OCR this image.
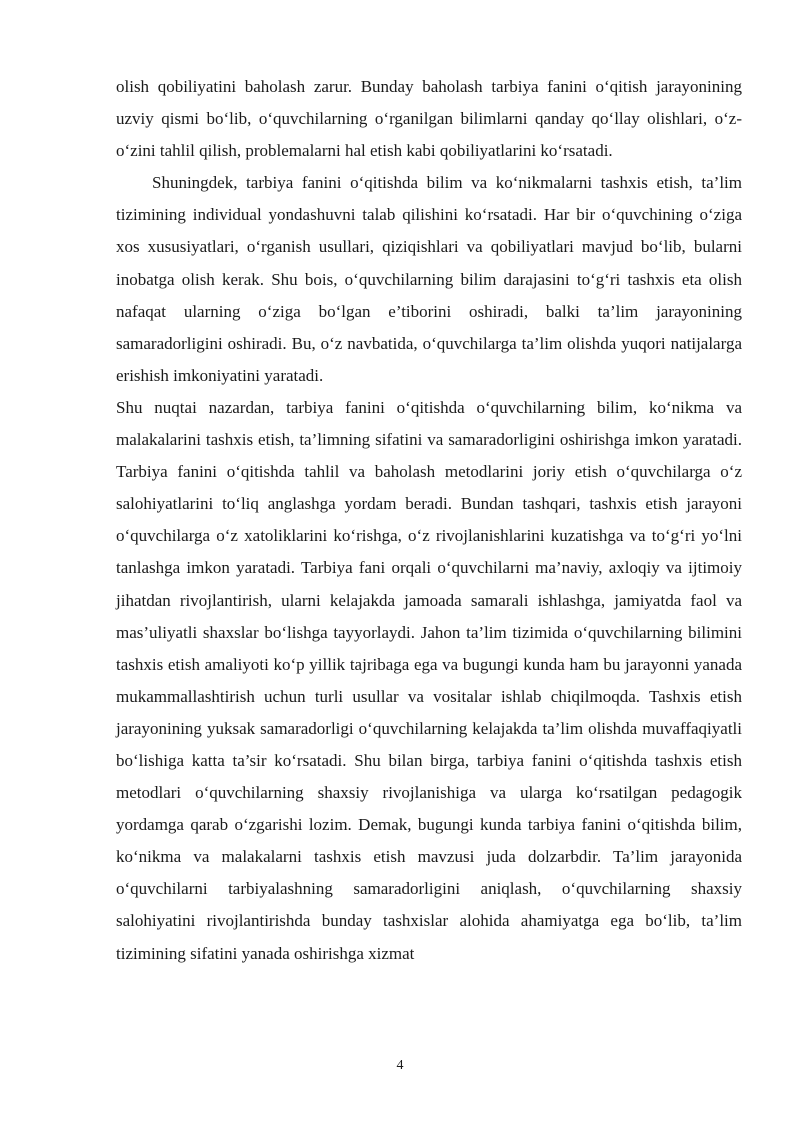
olish qobiliyatini baholash zarur. Bunday baholash tarbiya fanini o‘qitish jarayonining uzviy qismi bo‘lib, o‘quvchilarning o‘rganilgan bilimlarni qanday qo‘llay olishlari, o‘z-o‘zini tahlil qilish, problemalarni hal etish kabi qobiliyatlarini ko‘rsatadi.

Shuningdek, tarbiya fanini o‘qitishda bilim va ko‘nikmalarni tashxis etish, ta’lim tizimining individual yondashuvni talab qilishini ko‘rsatadi. Har bir o‘quvchining o‘ziga xos xususiyatlari, o‘rganish usullari, qiziqishlari va qobiliyatlari mavjud bo‘lib, bularni inobatga olish kerak. Shu bois, o‘quvchilarning bilim darajasini to‘g‘ri tashxis eta olish nafaqat ularning o‘ziga bo‘lgan e’tiborini oshiradi, balki ta’lim jarayonining samaradorligini oshiradi. Bu, o‘z navbatida, o‘quvchilarga ta’lim olishda yuqori natijalarga erishish imkoniyatini yaratadi.

Shu nuqtai nazardan, tarbiya fanini o‘qitishda o‘quvchilarning bilim, ko‘nikma va malakalarini tashxis etish, ta’limning sifatini va samaradorligini oshirishga imkon yaratadi. Tarbiya fanini o‘qitishda tahlil va baholash metodlarini joriy etish o‘quvchilarga o‘z salohiyatlarini to‘liq anglashga yordam beradi. Bundan tashqari, tashxis etish jarayoni o‘quvchilarga o‘z xatoliklarini ko‘rishga, o‘z rivojlanishlarini kuzatishga va to‘g‘ri yo‘lni tanlashga imkon yaratadi. Tarbiya fani orqali o‘quvchilarni ma’naviy, axloqiy va ijtimoiy jihatdan rivojlantirish, ularni kelajakda jamoada samarali ishlashga, jamiyatda faol va mas’uliyatli shaxslar bo‘lishga tayyorlaydi. Jahon ta’lim tizimida o‘quvchilarning bilimini tashxis etish amaliyoti ko‘p yillik tajribaga ega va bugungi kunda ham bu jarayonni yanada mukammallashtirish uchun turli usullar va vositalar ishlab chiqilmoqda. Tashxis etish jarayonining yuksak samaradorligi o‘quvchilarning kelajakda ta’lim olishda muvaffaqiyatli bo‘lishiga katta ta’sir ko‘rsatadi. Shu bilan birga, tarbiya fanini o‘qitishda tashxis etish metodlari o‘quvchilarning shaxsiy rivojlanishiga va ularga ko‘rsatilgan pedagogik yordamga qarab o‘zgarishi lozim. Demak, bugungi kunda tarbiya fanini o‘qitishda bilim, ko‘nikma va malakalarni tashxis etish mavzusi juda dolzarbdir. Ta’lim jarayonida o‘quvchilarni tarbiyalashning samaradorligini aniqlash, o‘quvchilarning shaxsiy salohiyatini rivojlantirishda bunday tashxislar alohida ahamiyatga ega bo‘lib, ta’lim tizimining sifatini yanada oshirishga xizmat

4
